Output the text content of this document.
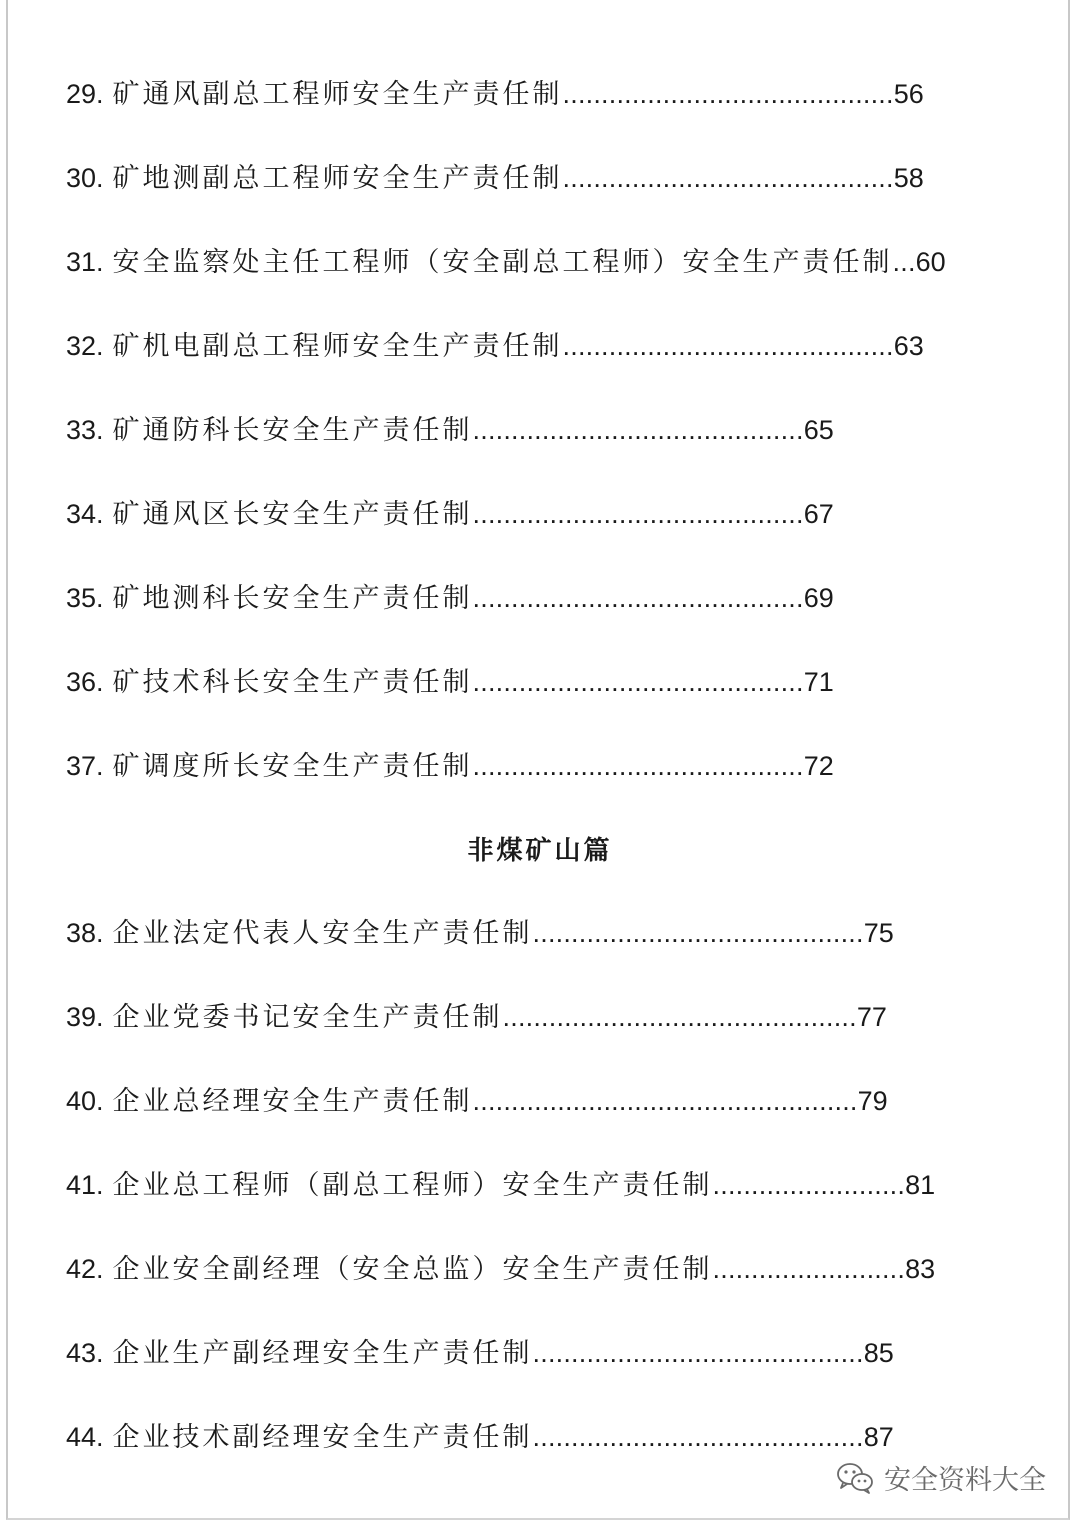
29. 矿通风副总工程师安全生产责任制 ........................................... 56
30. 矿地测副总工程师安全生产责任制 ........................................... 58
31. 安全监察处主任工程师（安全副总工程师）安全生产责任制 ... 60
32. 矿机电副总工程师安全生产责任制 ........................................... 63
33. 矿通防科长安全生产责任制 ........................................... 65
34. 矿通风区长安全生产责任制 ........................................... 67
35. 矿地测科长安全生产责任制 ........................................... 69
36. 矿技术科长安全生产责任制 ........................................... 71
37. 矿调度所长安全生产责任制 ........................................... 72
非煤矿山篇
38. 企业法定代表人安全生产责任制 ........................................... 75
39. 企业党委书记安全生产责任制 .............................................. 77
40. 企业总经理安全生产责任制 .................................................. 79
41. 企业总工程师（副总工程师）安全生产责任制 ......................... 81
42. 企业安全副经理（安全总监）安全生产责任制 ......................... 83
43. 企业生产副经理安全生产责任制 ........................................... 85
44. 企业技术副经理安全生产责任制 ........................................... 87
安全资料大全
